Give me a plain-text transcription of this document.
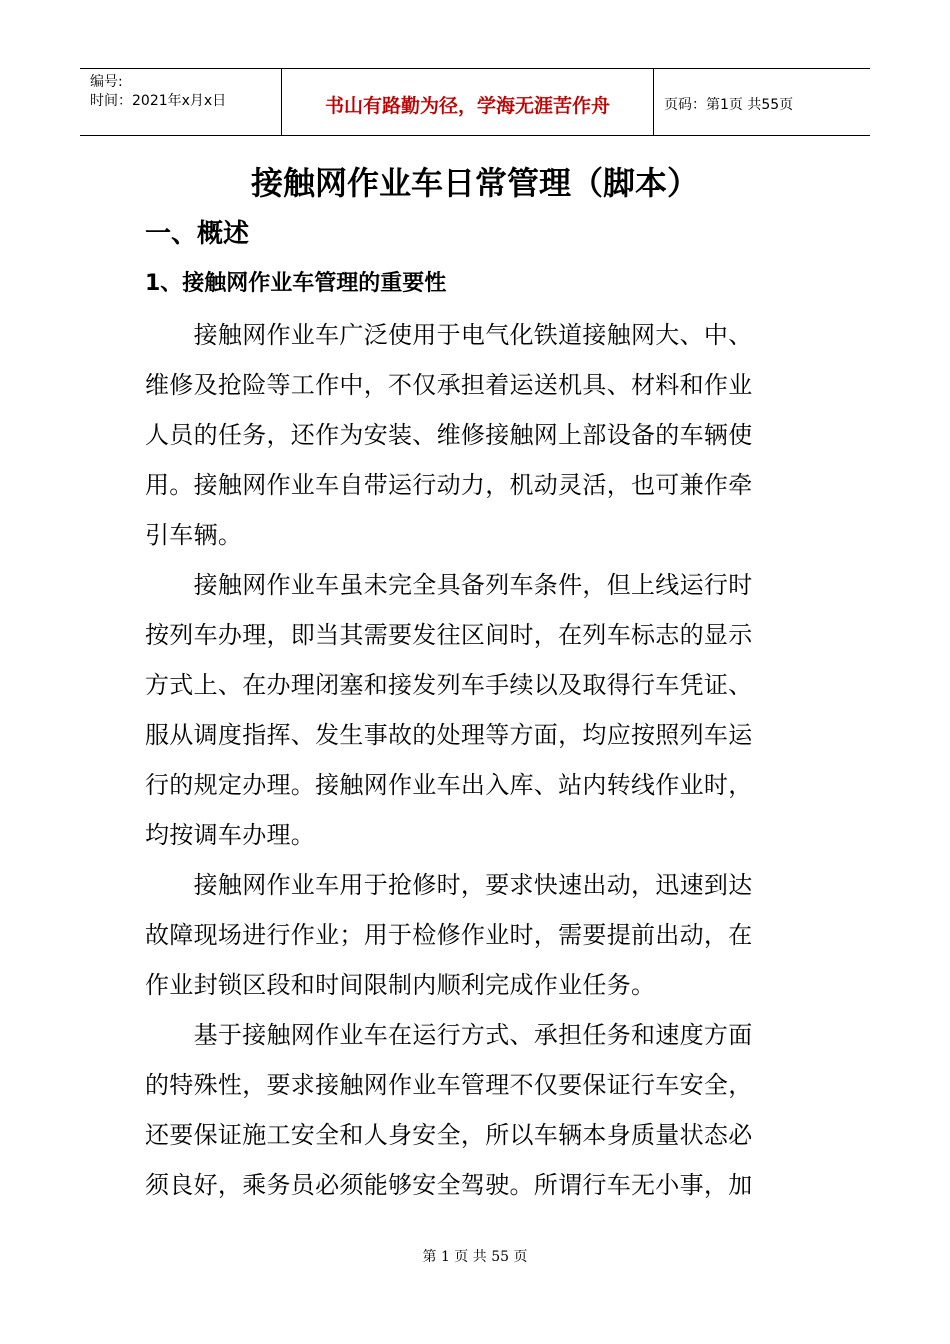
编号:
时间：2021年x月x日	书山有路勤为径，学海无涯苦作舟	页码：第1页 共55页
接触网作业车日常管理（脚本）
一、概述
1、接触网作业车管理的重要性
　　接触网作业车广泛使用于电气化铁道接触网大、中、
维修及抢险等工作中，不仅承担着运送机具、材料和作业
人员的任务，还作为安装、维修接触网上部设备的车辆使
用。接触网作业车自带运行动力，机动灵活，也可兼作牵
引车辆。
　　接触网作业车虽未完全具备列车条件，但上线运行时
按列车办理，即当其需要发往区间时，在列车标志的显示
方式上、在办理闭塞和接发列车手续以及取得行车凭证、
服从调度指挥、发生事故的处理等方面，均应按照列车运
行的规定办理。接触网作业车出入库、站内转线作业时，
均按调车办理。
　　接触网作业车用于抢修时，要求快速出动，迅速到达
故障现场进行作业；用于检修作业时，需要提前出动，在
作业封锁区段和时间限制内顺利完成作业任务。
　　基于接触网作业车在运行方式、承担任务和速度方面
的特殊性，要求接触网作业车管理不仅要保证行车安全，
还要保证施工安全和人身安全，所以车辆本身质量状态必
须良好，乘务员必须能够安全驾驶。所谓行车无小事，加
第 1 页 共 55 页
